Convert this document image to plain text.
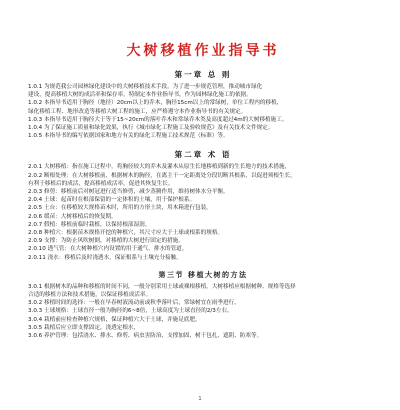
大树移植作业指导书
第一章 总 则
1.0.1 为规范我公司园林绿化建设中的大树移植技术手段，为了进一步规范管理，推动城市绿化
建设，提高移植大树的成活率和保存率，特制定本作业指导书，作为园林绿化施工的依据。
1.0.2 本指导书适用于胸径（地径）20cm以上的乔木，胸径15cm以上的常绿树，单位工程内的移植，
绿化移植工程、地形改造等移植大树工程的施工，应严格遵守本作业指导书的有关规定。
1.0.3 本指导书适用于胸径大于等于15~20cm的落叶乔木和常绿乔木类及高度超过4m的大树移植施工。
1.0.4 为了保证施工质量和绿化效果，执行《城市绿化工程施工及验收规范》及有关技术文件规定。
1.0.5 本指导书的编写依据国家和地方有关的绿化工程施工技术规范（标准）等。
第二章 术 语
2.0.1 大树移植：指在施工过程中，将胸径较大的乔木及灌木从原生长地移植到新的生长地方的技术措施，
2.0.2 断根处理：在大树移植前，根据树木的胸径，在离主干一定距离处分段切断其根系，以促进须根生长，
有利于移植后的成活，提高移植成活率，促进其恢复生长。
2.0.3 修剪：移植前后对树冠进行适当修剪，减少蒸腾作用，维持树体水分平衡。
2.0.4 土球：起苗时在根部保留的一定体积的土壤，用于保护根系。
2.0.5 土台：在移植较大规格苗木时，所用的方形土块，用木箱进行包装。
2.0.6 缓苗：大树移植后的恢复期。
2.0.7 假植：移植前临时栽植，以保持根部湿润。
2.0.8 种植穴：根据苗木规格开挖的种植穴，其尺寸应大于土球或根系的规格。
2.0.9 支撑：为防止风吹树倒，对移植的大树进行固定的措施。
2.0.10 透气管：在大树种植穴内设置的用于通气、排水的管道。
2.0.11 浇水：移植后及时浇透水，保证根系与土壤充分接触。
第三节 移植大树的方法
3.0.1 根据树木的品种和移植的时间不同，一般分别采用土球或裸根移植。大树移植应根据树种、规格等选择
合适的移植方法和技术措施，以保证移植成活率。
3.0.2 移植时间的选择：一般在早春树液流动前或秋季落叶后，常绿树宜在雨季进行。
3.0.3 土球规格：土球直径一般为胸径的6~8倍，土球高度为土球直径的2/3左右。
3.0.4 栽植前应检查种植穴规格，保证种植穴大于土球，并施足底肥。
3.0.5 栽植后应立即支撑固定，浇透定根水，
3.0.6 养护管理：包括浇水、排水、修剪、病虫害防治、支撑加固、树干包扎、遮阴、防寒等。
1
